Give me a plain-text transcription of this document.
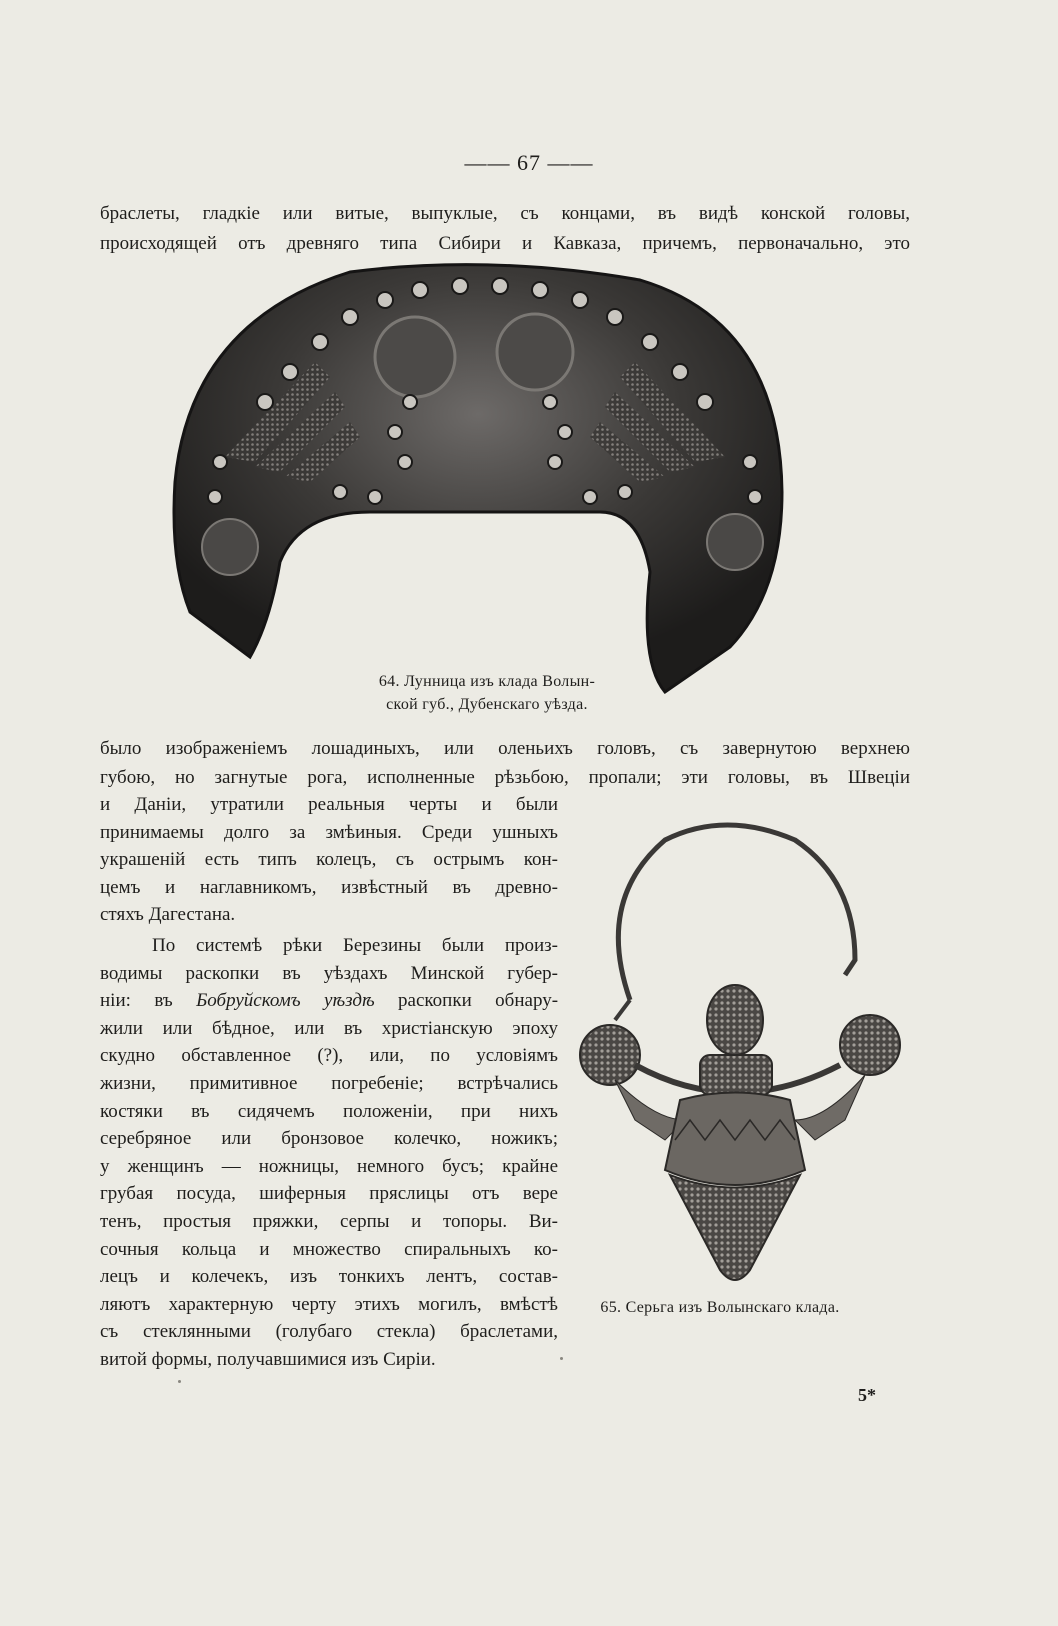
—— 67 ——
браслеты, гладкіе или витые, выпуклые, съ концами, въ видѣ конской головы,
происходящей отъ древняго типа Сибири и Кавказа, причемъ, первоначально, это
64. Лунница изъ клада Волын-
ской губ., Дубенскаго уѣзда.
было изображеніемъ лошадиныхъ, или оленьихъ головъ, съ завернутою верхнею
губою, но загнутые рога, исполненные рѣзьбою, пропали; эти головы, въ Швеціи
и Даніи, утратили реальныя черты и были
принимаемы долго за змѣиныя. Среди ушныхъ
украшеній есть типъ колецъ, съ острымъ кон-
цемъ и наглавникомъ, извѣстный въ древно-
стяхъ Дагестана.
По системѣ рѣки Березины были произ-
водимы раскопки въ уѣздахъ Минской губер-
ніи: въ Бобруйскомъ уѣздѣ раскопки обнару-
жили или бѣдное, или въ христіанскую эпоху
скудно обставленное (?), или, по условіямъ
жизни, примитивное погребеніе; встрѣчались
костяки въ сидячемъ положеніи, при нихъ
серебряное или бронзовое колечко, ножикъ;
у женщинъ — ножницы, немного бусъ; крайне
грубая посуда, шиферныя пряслицы отъ вере
тенъ, простыя пряжки, серпы и топоры. Ви-
сочныя кольца и множество спиральныхъ ко-
лецъ и колечекъ, изъ тонкихъ лентъ, состав-
ляютъ характерную черту этихъ могилъ, вмѣстѣ
съ стеклянными (голубаго стекла) браслетами,
витой формы, получавшимися изъ Сиріи.
65. Серьга изъ Волынскаго клада.
5*
